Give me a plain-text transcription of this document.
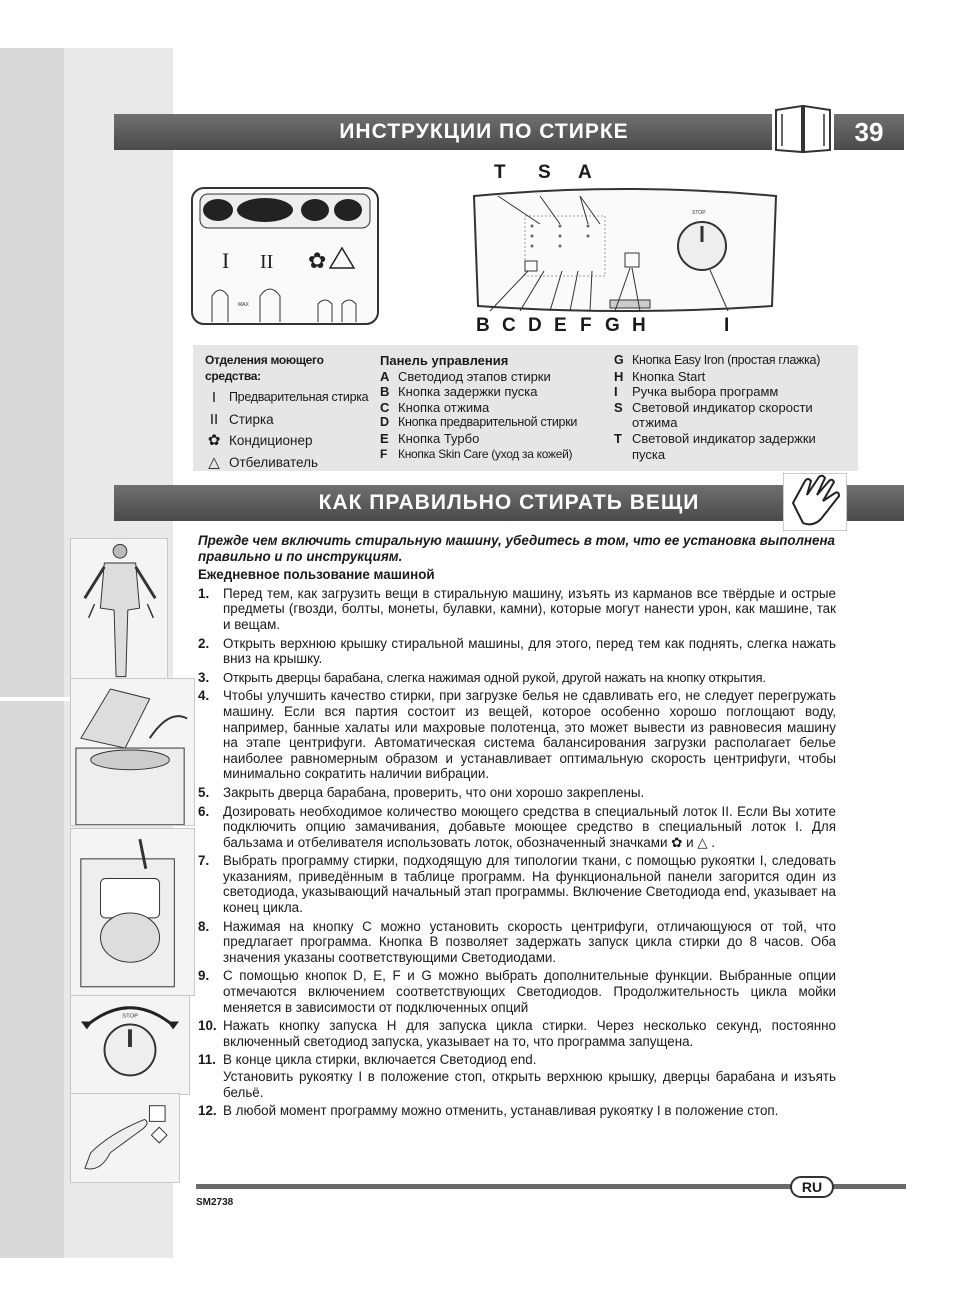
ИНСТРУКЦИИ ПО СТИРКЕ	39
I II ✿
MAX
STOP
T S A
B C D E F G H	I
Отделения моющего средства:
I	Предварительная стирка
II Стирка
✿ Кондиционер
△ Отбеливатель
Панель управления
A Светодиод этапов стирки
B Кнопка задержки пуска
C Кнопка отжима
D Кнопка предварительной стирки
E Кнопка Турбо
F Кнопка Skin Care (уход за кожей)
G Кнопка Easy Iron (простая глажка)
H Кнопка Start
I	Ручка выбора программ
S Световой индикатор скорости отжима
T Световой индикатор задержки пуска
КАК ПРАВИЛЬНО СТИРАТЬ ВЕЩИ
STOP
Прежде чем включить стиральную машину, убедитесь в том, что ее установка выполнена правильно и по инструкциям.
Ежедневное пользование машиной
1.	Перед тем, как загрузить вещи в стиральную машину, изъять из карманов все твёрдые и острые предметы (гвозди, болты, монеты, булавки, камни), которые могут нанести урон, как машине, так и вещам.
2.	Открыть верхнюю крышку стиральной машины, для этого, перед тем как поднять, слегка нажать вниз на крышку.
3.	Открыть дверцы барабана, слегка нажимая одной рукой, другой нажать на кнопку открытия.
4.	Чтобы улучшить качество стирки, при загрузке белья не сдавливать его, не следует перегружать машину. Если вся партия состоит из вещей, которое особенно хорошо поглощают воду, например, банные халаты или махровые полотенца, это может вывести из равновесия машину на этапе центрифуги. Автоматическая система балансирования загрузки располагает белье наиболее равномерным образом и устанавливает оптимальную скорость центрифуги, чтобы минимально сократить наличии вибрации.
5.	Закрыть дверца барабана, проверить, что они хорошо закреплены.
6.	Дозировать необходимое количество моющего средства в специальный лоток II. Если Вы хотите подключить опцию замачивания, добавьте моющее средство в специальный лоток I. Для бальзама и отбеливателя использовать лоток, обозначенный значками ✿ и △ .
7.	Выбрать программу стирки, подходящую для типологии ткани, с помощью рукоятки I, следовать указаниям, приведённым в таблице программ. На функциональной панели загорится один из светодиода, указывающий начальный этап программы. Включение Светодиода end, указывает на конец цикла.
8.	Нажимая на кнопку C можно установить скорость центрифуги, отличающуюся от той, что предлагает программа. Кнопка B позволяет задержать запуск цикла стирки до 8 часов. Оба значения указаны соответствующими Светодиодами.
9.	С помощью кнопок D, E, F и G можно выбрать дополнительные функции. Выбранные опции отмечаются включением соответствующих Светодиодов. Продолжительность цикла мойки меняется в зависимости от подключенных опций
10. Нажать кнопку запуска H для запуска цикла стирки. Через несколько секунд, постоянно включенный светодиод запуска, указывает на то, что программа запущена.
11. В конце цикла стирки, включается Светодиод end.
Установить рукоятку I в положение стоп, открыть верхнюю крышку, дверцы барабана и изъять бельё.
12. В любой момент программу можно отменить, устанавливая рукоятку I в положение стоп.
SM2738
RU
